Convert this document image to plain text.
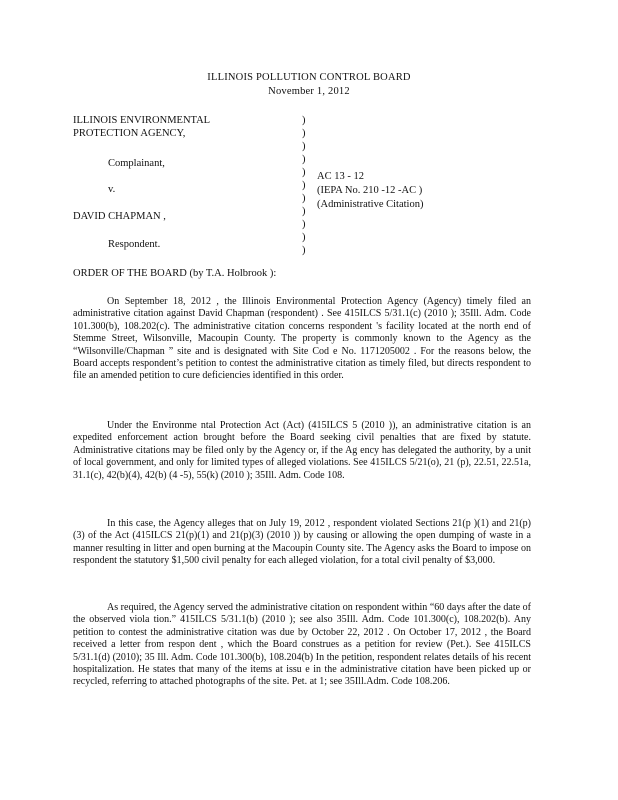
ILLINOIS POLLUTION CONTROL BOARD
November 1, 2012
ILLINOIS ENVIRONMENTAL
PROTECTION AGENCY,
Complainant,
v.
DAVID CHAPMAN ,
Respondent.
)
)
)
)
)
)
)
)
)
)
)
AC 13 - 12
(IEPA No. 210 -12 -AC )
(Administrative Citation)
ORDER OF THE BOARD (by T.A. Holbrook ):

On September 18, 2012 , the Illinois Environmental Protection Agency (Agency) timely filed an administrative citation against David Chapman (respondent) . See 415ILCS 5/31.1(c) (2010 ); 35Ill. Adm. Code 101.300(b), 108.202(c). The administrative citation concerns respondent 's facility located at the north end of Stemme Street, Wilsonville, Macoupin County. The property is commonly known to the Agency as the “Wilsonville/Chapman ” site and is designated with Site Cod e No. 1171205002 . For the reasons below, the Board accepts respondent’s petition to contest the administrative citation as timely filed, but directs respondent to file an amended petition to cure deficiencies identified in this order.

Under the Environme ntal Protection Act (Act) (415ILCS 5 (2010 )), an administrative citation is an expedited enforcement action brought before the Board seeking civil penalties that are fixed by statute. Administrative citations may be filed only by the Agency or, if the Ag ency has delegated the authority, by a unit of local government, and only for limited types of alleged violations. See 415ILCS 5/21(o), 21 (p), 22.51, 22.51a, 31.1(c), 42(b)(4), 42(b) (4 -5), 55(k) (2010 ); 35Ill. Adm. Code 108.

In this case, the Agency alleges that on July 19, 2012 , respondent violated Sections 21(p )(1) and 21(p)(3) of the Act (415ILCS 21(p)(1) and 21(p)(3) (2010 )) by causing or allowing the open dumping of waste in a manner resulting in litter and open burning at the Macoupin County site. The Agency asks the Board to impose on respondent the statutory $1,500 civil penalty for each alleged violation, for a total civil penalty of $3,000.

As required, the Agency served the administrative citation on respondent within “60 days after the date of the observed viola tion.” 415ILCS 5/31.1(b) (2010 ); see also 35Ill. Adm. Code 101.300(c), 108.202(b). Any petition to contest the administrative citation was due by October 22, 2012 . On October 17, 2012 , the Board received a letter from respon dent , which the Board construes as a petition for review (Pet.). See 415ILCS 5/31.1(d) (2010); 35 Ill. Adm. Code 101.300(b), 108.204(b) In the petition, respondent relates details of his recent hospitalization. He states that many of the items at issu e in the administrative citation have been picked up or recycled, referring to attached photographs of the site. Pet. at 1; see 35Ill.Adm. Code 108.206.
